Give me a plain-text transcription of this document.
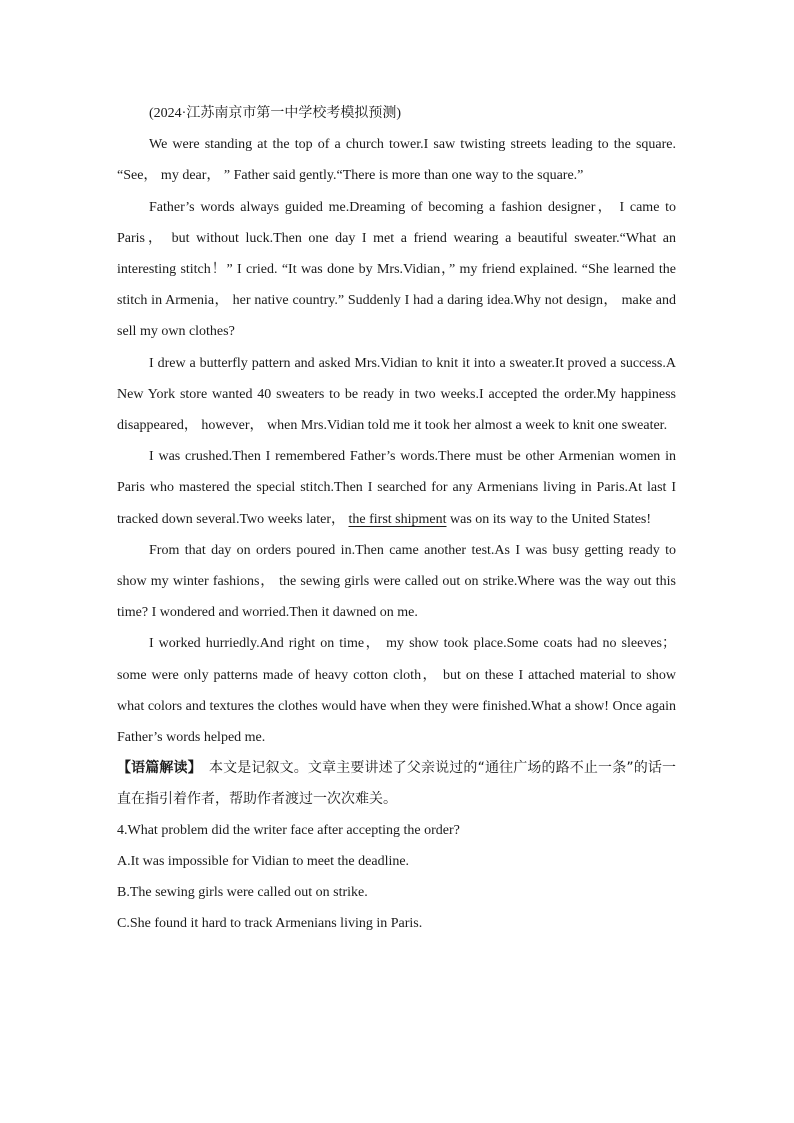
(2024·江苏南京市第一中学校考模拟预测)

We were standing at the top of a church tower.I saw twisting streets leading to the square. “See， my dear， ” Father said gently.“There is more than one way to the square.”

Father’s words always guided me.Dreaming of becoming a fashion designer， I came to Paris， but without luck.Then one day I met a friend wearing a beautiful sweater.“What an interesting stitch！” I cried. “It was done by Mrs.Vidian，” my friend explained. “She learned the stitch in Armenia， her native country.” Suddenly I had a daring idea.Why not design， make and sell my own clothes?

I drew a butterfly pattern and asked Mrs.Vidian to knit it into a sweater.It proved a success.A New York store wanted 40 sweaters to be ready in two weeks.I accepted the order.My happiness disappeared， however， when Mrs.Vidian told me it took her almost a week to knit one sweater.

I was crushed.Then I remembered Father’s words.There must be other Armenian women in Paris who mastered the special stitch.Then I searched for any Armenians living in Paris.At last I tracked down several.Two weeks later， the first shipment was on its way to the United States!

From that day on orders poured in.Then came another test.As I was busy getting ready to show my winter fashions， the sewing girls were called out on strike.Where was the way out this time? I wondered and worried.Then it dawned on me.

I worked hurriedly.And right on time， my show took place.Some coats had no sleeves； some were only patterns made of heavy cotton cloth， but on these I attached material to show what colors and textures the clothes would have when they were finished.What a show! Once again Father’s words helped me.

【语篇解读】　本文是记叙文。文章主要讲述了父亲说过的“通往广场的路不止一条”的话一直在指引着作者，帮助作者渡过一次次难关。

4.What problem did the writer face after accepting the order?

A.It was impossible for Vidian to meet the deadline.

B.The sewing girls were called out on strike.

C.She found it hard to track Armenians living in Paris.
